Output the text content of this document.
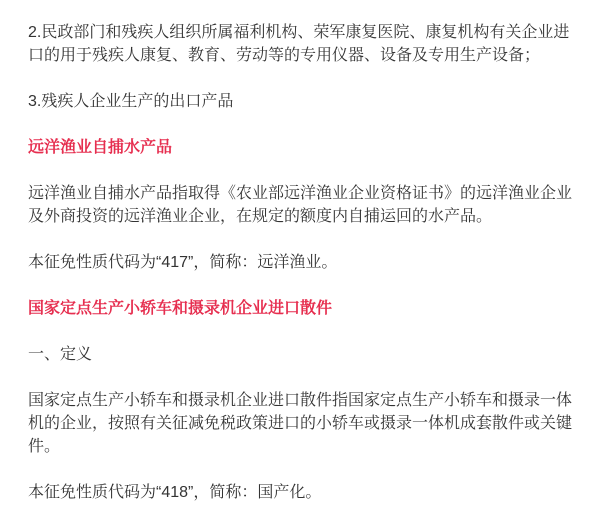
2.民政部门和残疾人组织所属福利机构、荣军康复医院、康复机构有关企业进口的用于残疾人康复、教育、劳动等的专用仪器、设备及专用生产设备；

3.残疾人企业生产的出口产品

远洋渔业自捕水产品

远洋渔业自捕水产品指取得《农业部远洋渔业企业资格证书》的远洋渔业企业及外商投资的远洋渔业企业，在规定的额度内自捕运回的水产品。

本征免性质代码为“417”，简称：远洋渔业。

国家定点生产小轿车和摄录机企业进口散件

一、定义

国家定点生产小轿车和摄录机企业进口散件指国家定点生产小轿车和摄录一体机的企业，按照有关征减免税政策进口的小轿车或摄录一体机成套散件或关键件。

本征免性质代码为“418”，简称：国产化。
